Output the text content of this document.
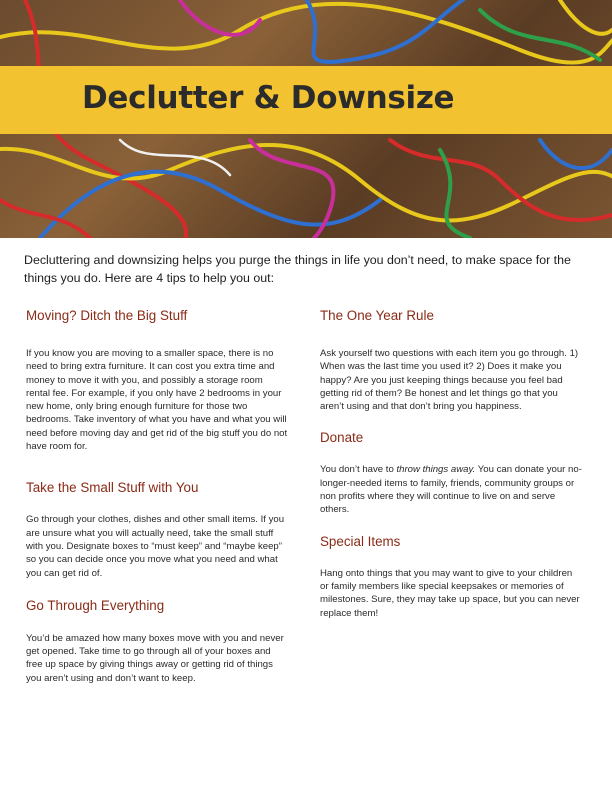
Declutter & Downsize

Decluttering and downsizing helps you purge the things in life you don’t need, to make space for the things you do. Here are 4 tips to help you out:

Moving? Ditch the Big Stuff

If you know you are moving to a smaller space, there is no need to bring extra furniture. It can cost you extra time and money to move it with you, and possibly a storage room rental fee. For example, if you only have 2 bedrooms in your new home, only bring enough furniture for those two bedrooms. Take inventory of what you have and what you will need before moving day and get rid of the big stuff you do not have room for.

Take the Small Stuff with You

Go through your clothes, dishes and other small items. If you are unsure what you will actually need, take the small stuff with you. Designate boxes to “must keep” and “maybe keep” so you can decide once you move what you need and what you can get rid of.

Go Through Everything

You’d be amazed how many boxes move with you and never get opened. Take time to go through all of your boxes and free up space by giving things away or getting rid of things you aren’t using and don’t want to keep.

The One Year Rule

Ask yourself two questions with each item you go through. 1) When was the last time you used it? 2) Does it make you happy? Are you just keeping things because you feel bad getting rid of them? Be honest and let things go that you aren’t using and that don’t bring you happiness.

Donate

You don’t have to throw things away. You can donate your no-longer-needed items to family, friends, community groups or non profits where they will continue to live on and serve others.

Special Items

Hang onto things that you may want to give to your children or family members like special keepsakes or memories of milestones. Sure, they may take up space, but you can never replace them!
